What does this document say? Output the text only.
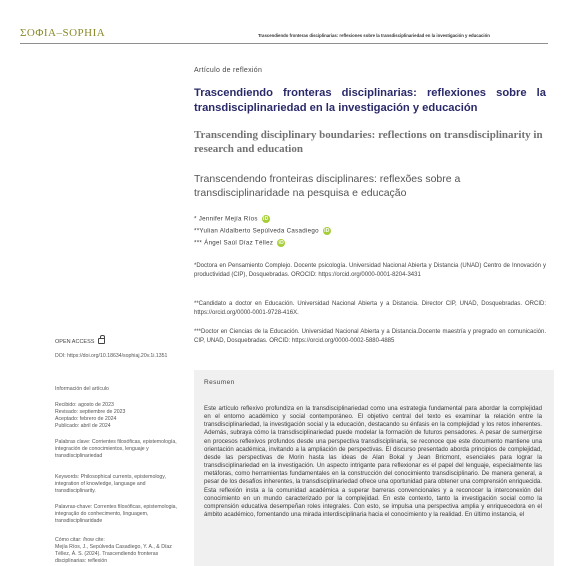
ΣΟΦΙΑ–SOPHIA	Trascendiendo fronteras disciplinarias: reflexiones sobre la transdisciplinariedad en la investigación y educación
Artículo de reflexión
Trascendiendo fronteras disciplinarias: reflexiones sobre la transdisciplinariedad en la investigación y educación
Transcending disciplinary boundaries: reflections on transdisciplinarity in research and education
Transcendendo fronteiras disciplinares: reflexões sobre a transdisciplinaridade na pesquisa e educação
* Jennifer Mejía Ríos iD
**Yulian Aldalberto Sepúlveda Casadiego iD
*** Ángel Saúl Díaz Téllez iD
*Doctora en Pensamiento Complejo. Docente psicología. Universidad Nacional Abierta y Distancia (UNAD) Centro de Innovación y productividad (CIP), Dosquebradas. OROCID: https://orcid.org/0000-0001-8204-3431
**Candidato a doctor en Educación. Universidad Nacional Abierta y a Distancia. Director CIP, UNAD, Dosquebradas. ORCID: https://orcid.org/0000-0001-9728-416X.
***Doctor en Ciencias de la Educación. Universidad Nacional Abierta y a Distancia.Docente maestría y pregrado en comunicación. CIP, UNAD, Dosquebradas. ORCID: https://orcid.org/0000-0002-5880-4885
OPEN ACCESS
DOI: https://doi.org/10.18634/sophiaj.20v.1i.1351
Información del artículo
Recibido: agosto de 2023
Revisado: septiembre de 2023
Aceptado: febrero de 2024
Publicado: abril de 2024
Palabras clave: Corrientes filosóficas, epistemología, integración de conocimientos, lenguaje y transdisciplinariedad
Keywords: Philosophical currents, epistemology, integration of knowledge, language and transdisciplinarity.
Palavras-chave: Correntes filosóficas, epistemologia, integração do conhecimento, linguagem, transdisciplinaridade
Cómo citar: /how cite:
Mejía Ríos, J., Sepúlveda Casadiego, Y. A., & Díaz Téllez, Á. S. (2024). Trascendiendo fronteras disciplinarias: reflexión
Resumen
Este artículo reflexivo profundiza en la transdisciplinariedad como una estrategia fundamental para abordar la complejidad en el entorno académico y social contemporáneo. El objetivo central del texto es examinar la relación entre la transdisciplinariedad, la investigación social y la educación, destacando su énfasis en la complejidad y los retos inherentes. Además, subraya cómo la transdisciplinariedad puede modelar la formación de futuros pensadores. A pesar de sumergirse en procesos reflexivos profundos desde una perspectiva transdisciplinaria, se reconoce que este documento mantiene una orientación académica, invitando a la ampliación de perspectivas. El discurso presentado aborda principios de complejidad, desde las perspectivas de Morin hasta las ideas de Alan Bokal y Jean Bricmont, esenciales para lograr la transdisciplinariedad en la investigación. Un aspecto intrigante para reflexionar es el papel del lenguaje, especialmente las metáforas, como herramientas fundamentales en la construcción del conocimiento transdisciplinario. De manera general, a pesar de los desafíos inherentes, la transdisciplinariedad ofrece una oportunidad para obtener una comprensión enriquecida. Esta reflexión insta a la comunidad académica a superar barreras convencionales y a reconocer la interconexión del conocimiento en un mundo caracterizado por la complejidad. En este contexto, tanto la investigación social como la comprensión educativa desempeñan roles integrales. Con esto, se impulsa una perspectiva amplia y enriquecedora en el ámbito académico, fomentando una mirada interdisciplinaria hacia el conocimiento y la realidad. En último instancia, el
